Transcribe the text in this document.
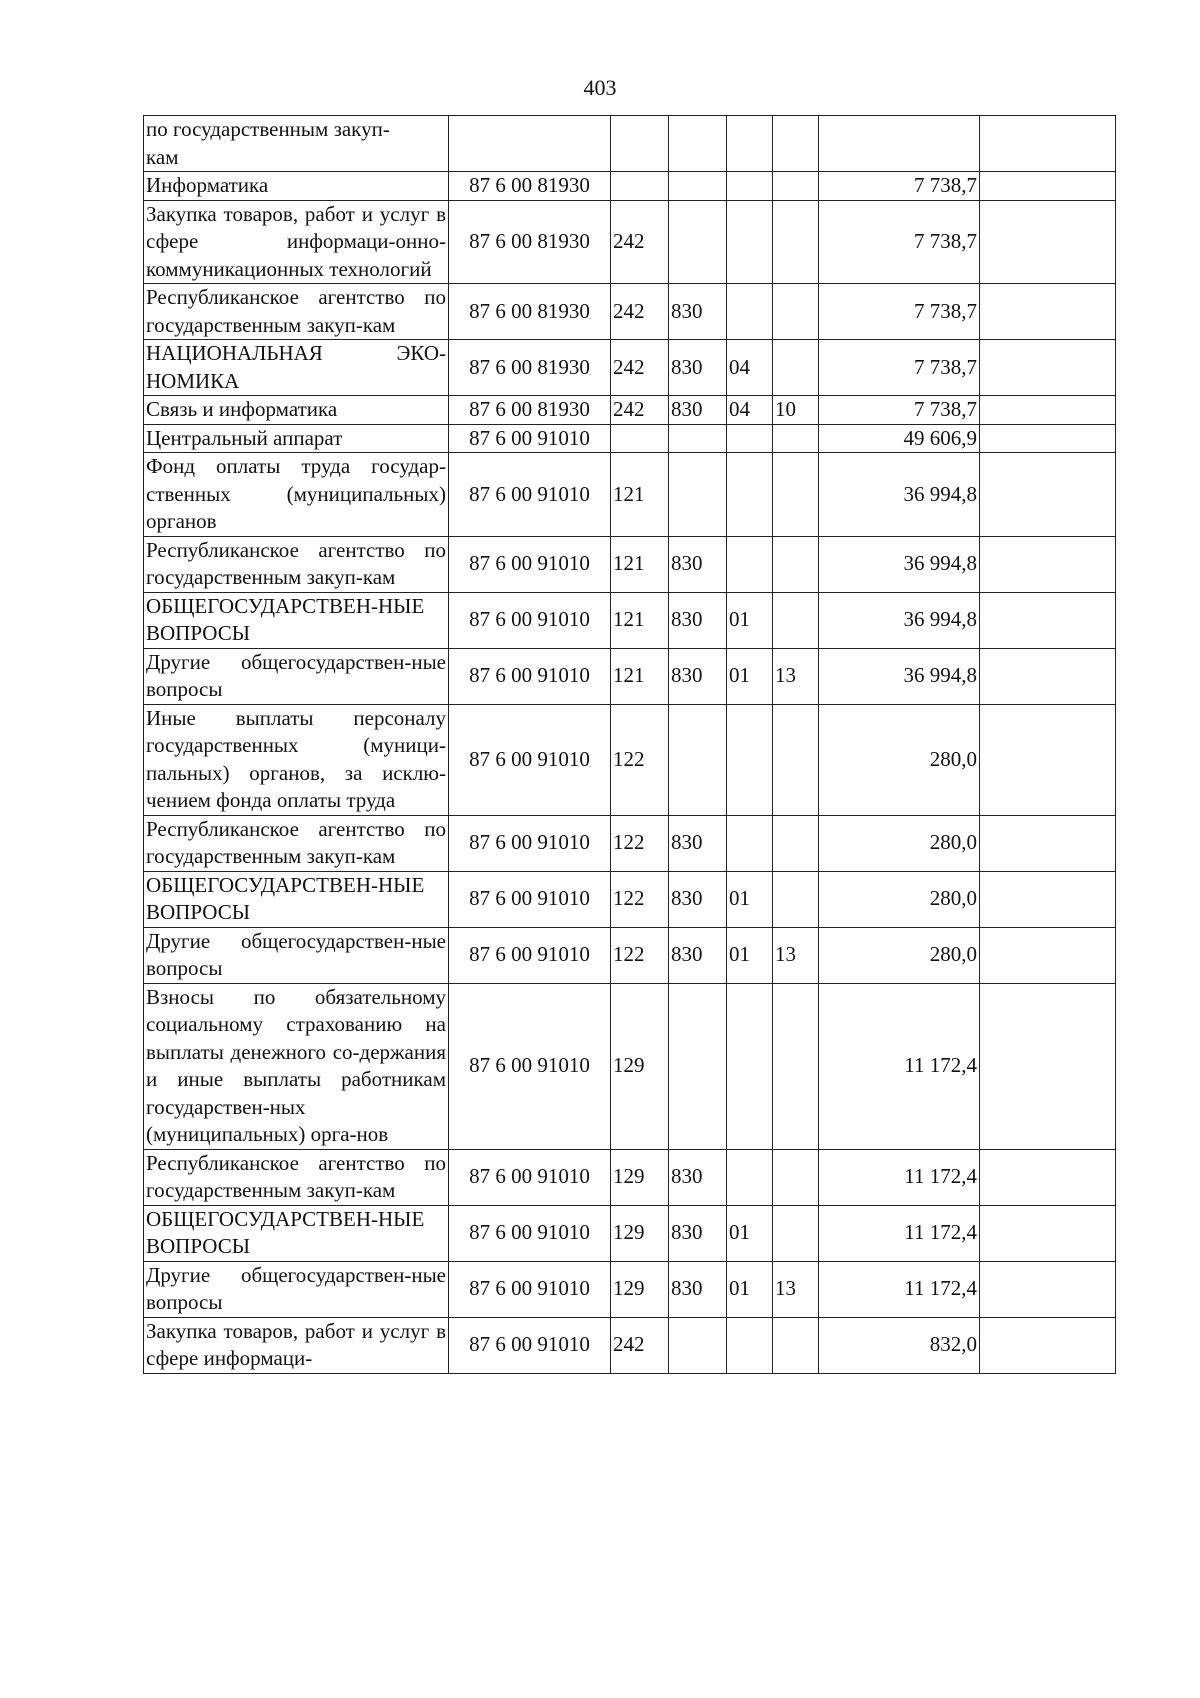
403
по государственным закуп-
кам							
Информатика	87 6 00 81930					7 738,7	
Закупка товаров, работ и услуг в сфере информаци-онно-коммуникационных технологий	87 6 00 81930	242				7 738,7	
Республиканское агентство по государственным закуп-кам	87 6 00 81930	242	830			7 738,7	
НАЦИОНАЛЬНАЯ ЭКО-НОМИКА	87 6 00 81930	242	830	04		7 738,7	
Связь и информатика	87 6 00 81930	242	830	04	10	7 738,7	
Центральный аппарат	87 6 00 91010					49 606,9	
Фонд оплаты труда государ-ственных (муниципальных) органов	87 6 00 91010	121				36 994,8	
Республиканское агентство по государственным закуп-кам	87 6 00 91010	121	830			36 994,8	
ОБЩЕГОСУДАРСТВЕН-НЫЕ ВОПРОСЫ	87 6 00 91010	121	830	01		36 994,8	
Другие общегосударствен-ные вопросы	87 6 00 91010	121	830	01	13	36 994,8	
Иные выплаты персоналу государственных (муници-пальных) органов, за исклю-чением фонда оплаты труда	87 6 00 91010	122				280,0	
Республиканское агентство по государственным закуп-кам	87 6 00 91010	122	830			280,0	
ОБЩЕГОСУДАРСТВЕН-НЫЕ ВОПРОСЫ	87 6 00 91010	122	830	01		280,0	
Другие общегосударствен-ные вопросы	87 6 00 91010	122	830	01	13	280,0	
Взносы по обязательному социальному страхованию на выплаты денежного со-держания и иные выплаты работникам государствен-ных (муниципальных) орга-нов	87 6 00 91010	129				11 172,4	
Республиканское агентство по государственным закуп-кам	87 6 00 91010	129	830			11 172,4	
ОБЩЕГОСУДАРСТВЕН-НЫЕ ВОПРОСЫ	87 6 00 91010	129	830	01		11 172,4	
Другие общегосударствен-ные вопросы	87 6 00 91010	129	830	01	13	11 172,4	
Закупка товаров, работ и услуг в сфере информаци-	87 6 00 91010	242				832,0	
